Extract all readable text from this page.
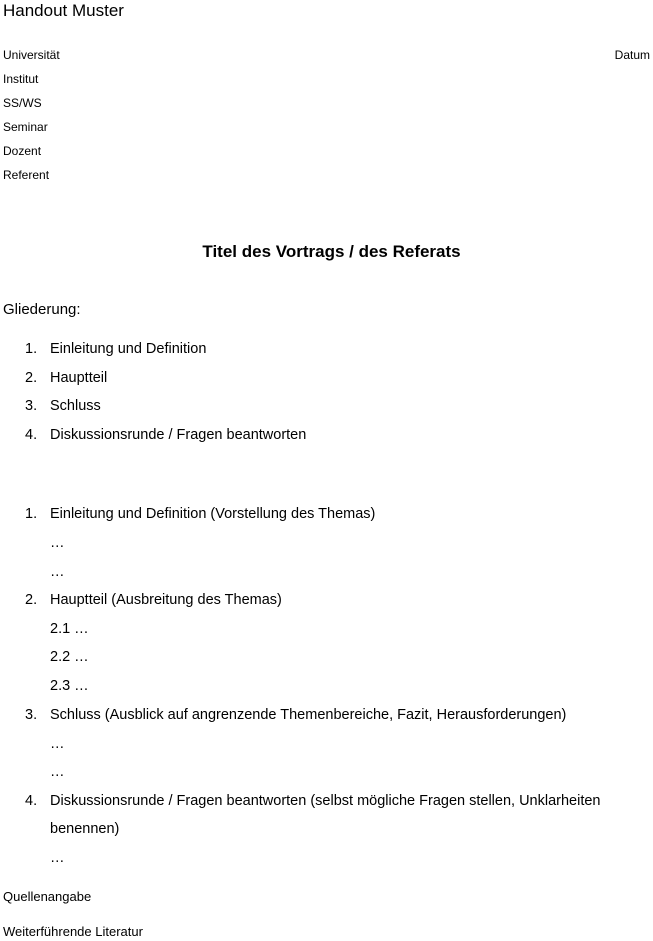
Handout Muster
Universität	Datum
Institut
SS/WS
Seminar
Dozent
Referent
Titel des Vortrags / des Referats
Gliederung:
1. Einleitung und Definition
2. Hauptteil
3. Schluss
4. Diskussionsrunde / Fragen beantworten
1. Einleitung und Definition (Vorstellung des Themas)
…
…
2. Hauptteil (Ausbreitung des Themas)
2.1 …
2.2 …
2.3 …
3. Schluss (Ausblick auf angrenzende Themenbereiche, Fazit, Herausforderungen)
…
…
4. Diskussionsrunde / Fragen beantworten (selbst mögliche Fragen stellen, Unklarheiten
benennen)
…
Quellenangabe
Weiterführende Literatur
